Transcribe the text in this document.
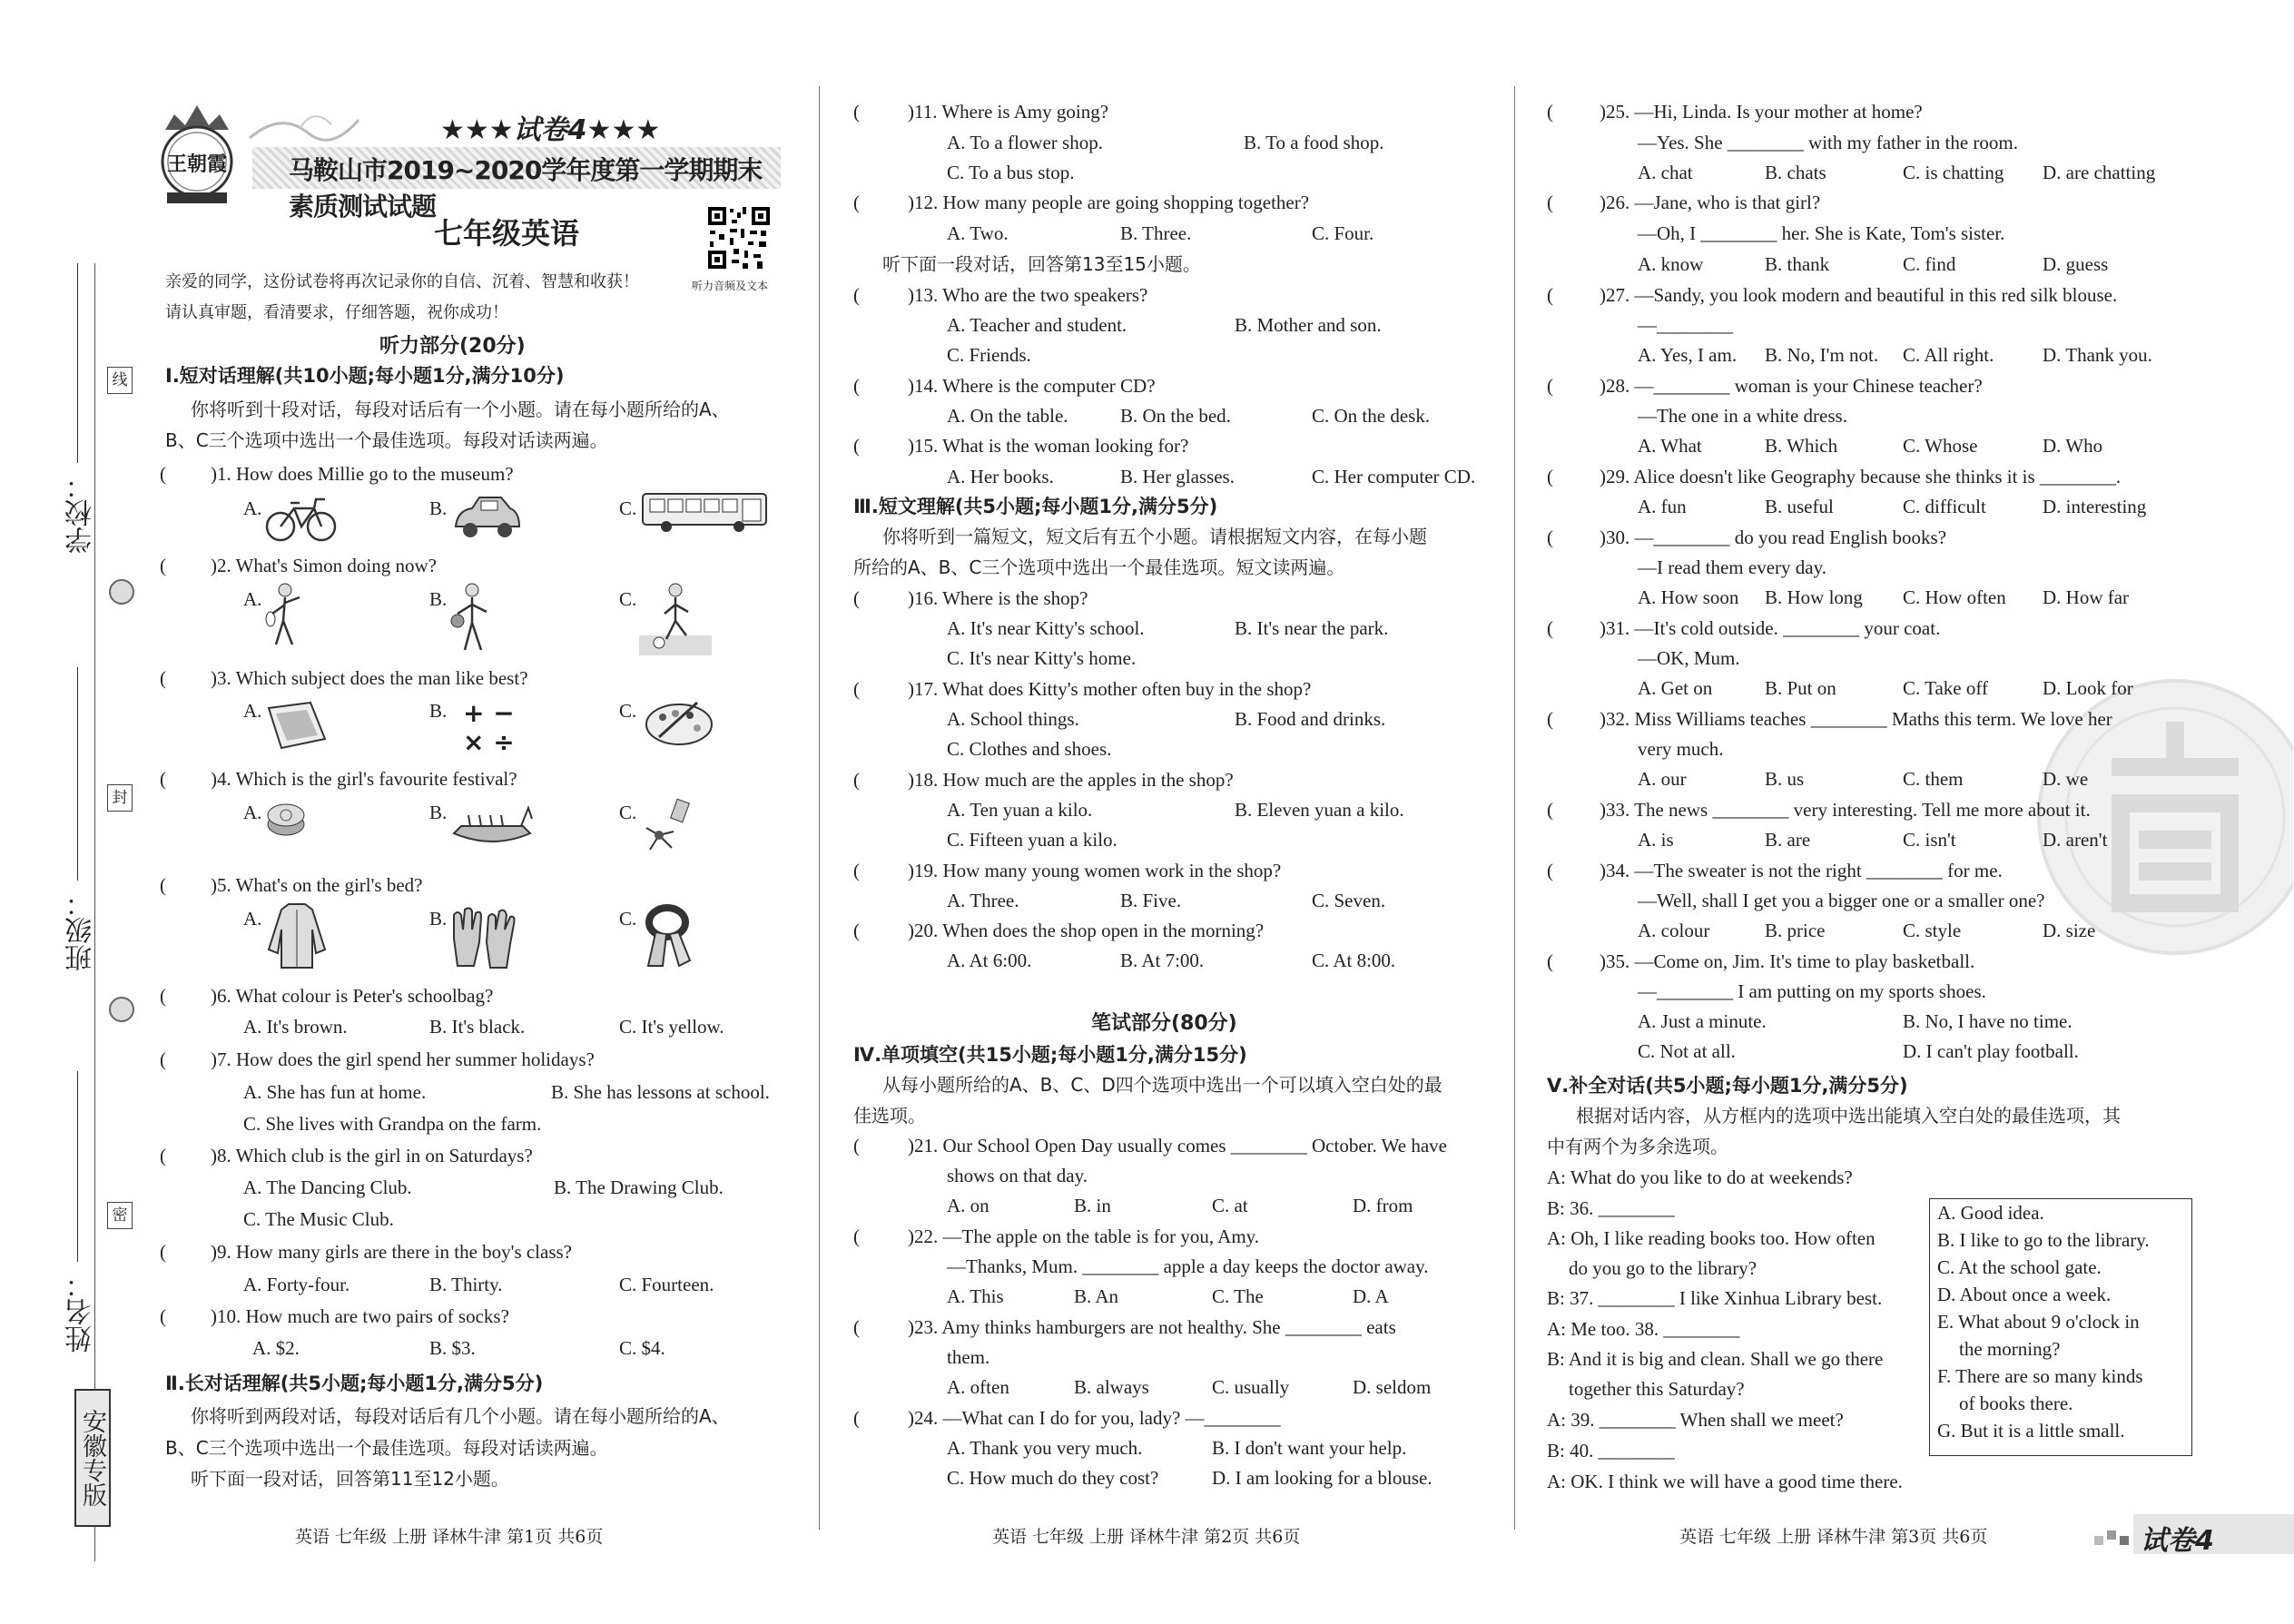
学校：
班级：
姓名：
线
封
密
安徽专版
王朝霞
★★★试卷4★★★
马鞍山市2019~2020学年度第一学期期末素质测试试题
七年级英语
听力音频及文本
亲爱的同学，这份试卷将再次记录你的自信、沉着、智慧和收获！
请认真审题，看清要求，仔细答题，祝你成功！
听力部分(20分)
Ⅰ.短对话理解(共10小题;每小题1分,满分10分)
你将听到十段对话，每段对话后有一个小题。请在每小题所给的A、
B、C三个选项中选出一个最佳选项。每段对话读两遍。
( )1. How does Millie go to the museum?
A.	B.	C.
( )2. What's Simon doing now?
A.	B.	C.
( )3. Which subject does the man like best?
A.	B. + −
× ÷
C.
( )4. Which is the girl's favourite festival?
A.	B.	C.
( )5. What's on the girl's bed?
A.	B.	C.
( )6. What colour is Peter's schoolbag?
A. It's brown.	B. It's black.	C. It's yellow.
( )7. How does the girl spend her summer holidays?
A. She has fun at home.	B. She has lessons at school.
C. She lives with Grandpa on the farm.
( )8. Which club is the girl in on Saturdays?
A. The Dancing Club.	B. The Drawing Club.
C. The Music Club.
( )9. How many girls are there in the boy's class?
A. Forty-four.	B. Thirty.	C. Fourteen.
( )10. How much are two pairs of socks?
A. $2.	B. $3.	C. $4.
Ⅱ.长对话理解(共5小题;每小题1分,满分5分)
你将听到两段对话，每段对话后有几个小题。请在每小题所给的A、
B、C三个选项中选出一个最佳选项。每段对话读两遍。
听下面一段对话，回答第11至12小题。
(	)11. Where is Amy going?
A. To a flower shop.	B. To a food shop.
C. To a bus stop.
(	)12. How many people are going shopping together?
A. Two.	B. Three.	C. Four.
听下面一段对话，回答第13至15小题。
(	)13. Who are the two speakers?
A. Teacher and student.	B. Mother and son.
C. Friends.
(	)14. Where is the computer CD?
A. On the table.	B. On the bed.	C. On the desk.
(	)15. What is the woman looking for?
A. Her books.	B. Her glasses.	C. Her computer CD.
Ⅲ.短文理解(共5小题;每小题1分,满分5分)
你将听到一篇短文，短文后有五个小题。请根据短文内容，在每小题
所给的A、B、C三个选项中选出一个最佳选项。短文读两遍。
(	)16. Where is the shop?
A. It's near Kitty's school.	B. It's near the park.
C. It's near Kitty's home.
(	)17. What does Kitty's mother often buy in the shop?
A. School things.	B. Food and drinks.
C. Clothes and shoes.
(	)18. How much are the apples in the shop?
A. Ten yuan a kilo.	B. Eleven yuan a kilo.
C. Fifteen yuan a kilo.
(	)19. How many young women work in the shop?
A. Three.	B. Five.	C. Seven.
(	)20. When does the shop open in the morning?
A. At 6:00.	B. At 7:00.	C. At 8:00.
笔试部分(80分)
Ⅳ.单项填空(共15小题;每小题1分,满分15分)
从每小题所给的A、B、C、D四个选项中选出一个可以填入空白处的最
佳选项。
(	)21. Our School Open Day usually comes ________ October. We have
shows on that day.
A. on	B. in	C. at	D. from
(	)22. —The apple on the table is for you, Amy.
—Thanks, Mum. ________ apple a day keeps the doctor away.
A. This	B. An	C. The	D. A
(	)23. Amy thinks hamburgers are not healthy. She ________ eats
them.
A. often	B. always	C. usually	D. seldom
(	)24. —What can I do for you, lady? —________
A. Thank you very much.	B. I don't want your help.
C. How much do they cost?	D. I am looking for a blouse.
( )25. —Hi, Linda. Is your mother at home?
—Yes. She ________ with my father in the room.
A. chat	B. chats	C. is chatting D. are chatting
( )26. —Jane, who is that girl?
—Oh, I ________ her. She is Kate, Tom's sister.
A. know	B. thank	C. find	D. guess
( )27. —Sandy, you look modern and beautiful in this red silk blouse.
—________
A. Yes, I am. B. No, I'm not. C. All right.	D. Thank you.
( )28. —________ woman is your Chinese teacher?
—The one in a white dress.
A. What	B. Which	C. Whose	D. Who
( )29. Alice doesn't like Geography because she thinks it is ________.
A. fun	B. useful	C. difficult	D. interesting
( )30. —________ do you read English books?
—I read them every day.
A. How soon B. How long C. How often D. How far
( )31. —It's cold outside. ________ your coat.
—OK, Mum.
A. Get on	B. Put on	C. Take off	D. Look for
( )32. Miss Williams teaches ________ Maths this term. We love her
very much.
A. our	B. us	C. them	D. we
( )33. The news ________ very interesting. Tell me more about it.
A. is	B. are	C. isn't	D. aren't
( )34. —The sweater is not the right ________ for me.
—Well, shall I get you a bigger one or a smaller one?
A. colour	B. price	C. style	D. size
( )35. —Come on, Jim. It's time to play basketball.
—________ I am putting on my sports shoes.
A. Just a minute.	B. No, I have no time.
C. Not at all.	D. I can't play football.
Ⅴ.补全对话(共5小题;每小题1分,满分5分)
根据对话内容，从方框内的选项中选出能填入空白处的最佳选项，其
中有两个为多余选项。
A: What do you like to do at weekends?
B: 36. ________
A: Oh, I like reading books too. How often
do you go to the library?
B: 37. ________ I like Xinhua Library best.
A: Me too. 38. ________
B: And it is big and clean. Shall we go there
together this Saturday?
A: 39. ________ When shall we meet?
B: 40. ________
A: OK. I think we will have a good time there.
A. Good idea.
B. I like to go to the library.
C. At the school gate.
D. About once a week.
E. What about 9 o'clock in
the morning?
F. There are so many kinds
of books there.
G. But it is a little small.
英语 七年级 上册 译林牛津 第1页 共6页	英语 七年级 上册 译林牛津 第2页 共6页	英语 七年级 上册 译林牛津 第3页 共6页	试卷4
